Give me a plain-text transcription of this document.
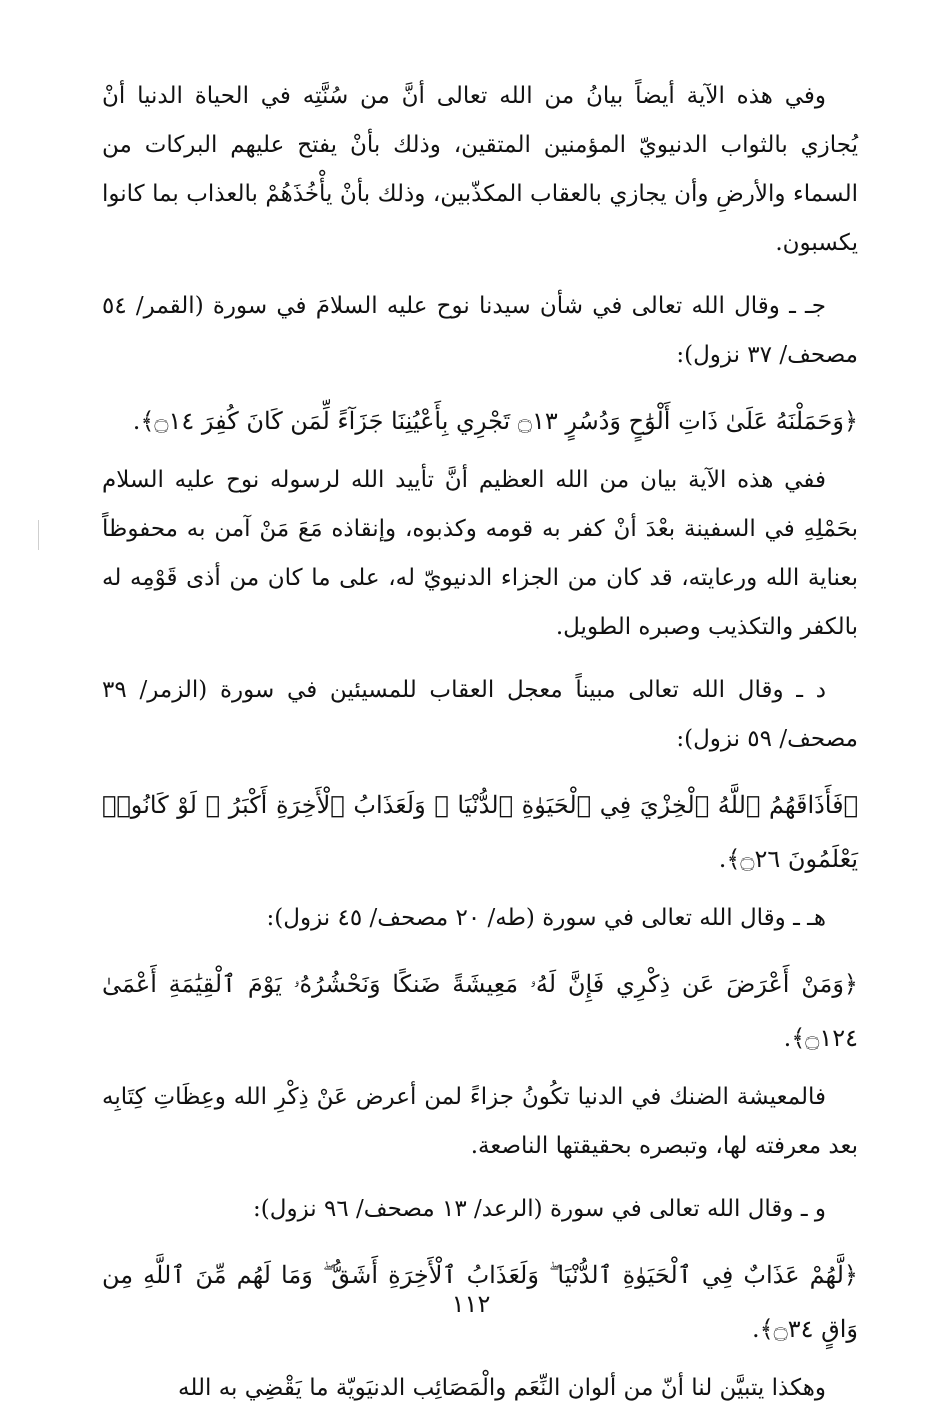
وفي هذه الآية أيضاً بيانُ من الله تعالى أنَّ من سُنَّتِه في الحياة الدنيا أنْ يُجازي بالثواب الدنيويّ المؤمنين المتقين، وذلك بأنْ يفتح عليهم البركات من السماء والأرضِ وأن يجازي بالعقاب المكذّبين، وذلك بأنْ يأْخُذَهُمْ بالعذاب بما كانوا يكسبون.

جـ ـ وقال الله تعالى في شأن سيدنا نوح عليه السلامَ في سورة (القمر/ ٥٤ مصحف/ ٣٧ نزول):

﴿وَحَمَلْنَهُ عَلَىٰ ذَاتِ أَلْوَٰحٍ وَدُسُرٍ ۝١٣ تَجْرِي بِأَعْيُنِنَا جَزَآءً لِّمَن كَانَ كُفِرَ ۝١٤﴾.

ففي هذه الآية بيان من الله العظيم أنَّ تأييد الله لرسوله نوح عليه السلام بحَمْلِهِ في السفينة بعْدَ أنْ كفر به قومه وكذبوه، وإنقاذه مَعَ مَنْ آمن به محفوظاً بعناية الله ورعايته، قد كان من الجزاء الدنيويّ له، على ما كان من أذى قَوْمِه له بالكفر والتكذيب وصبره الطويل.

د ـ وقال الله تعالى مبيناً معجل العقاب للمسيئين في سورة (الزمر/ ٣٩ مصحف/ ٥٩ نزول):

﴿فَأَذَاقَهُمُ ٱللَّهُ ٱلْخِزْيَ فِي ٱلْحَيَوٰةِ ٱلدُّنْيَا ۖ وَلَعَذَابُ ٱلْأَخِرَةِ أَكْبَرُ ۚ لَوْ كَانُوا۟ يَعْلَمُونَ ۝٢٦﴾.

هـ ـ وقال الله تعالى في سورة (طه/ ٢٠ مصحف/ ٤٥ نزول):

﴿وَمَنْ أَعْرَضَ عَن ذِكْرِي فَإِنَّ لَهُۥ مَعِيشَةً ضَنكًا وَنَحْشُرُهُۥ يَوْمَ ٱلْقِيَٰمَةِ أَعْمَىٰ ۝١٢٤﴾.

فالمعيشة الضنك في الدنيا تكُونُ جزاءً لمن أعرض عَنْ ذِكْرِ الله وعِظَاتِ كِتَابِه بعد معرفته لها، وتبصره بحقيقتها الناصعة.

و ـ وقال الله تعالى في سورة (الرعد/ ١٣ مصحف/ ٩٦ نزول):

﴿لَّهُمْ عَذَابٌ فِي ٱلْحَيَوٰةِ ٱلدُّنْيَا ۖ وَلَعَذَابُ ٱلْأَخِرَةِ أَشَقُّ ۖ وَمَا لَهُم مِّنَ ٱللَّهِ مِن وَاقٍ ۝٣٤﴾.

وهكذا يتبيَّن لنا أنّ من ألوان النِّعَم والْمَصَائِب الدنيَويّة ما يَقْضِي به الله

١١٢
